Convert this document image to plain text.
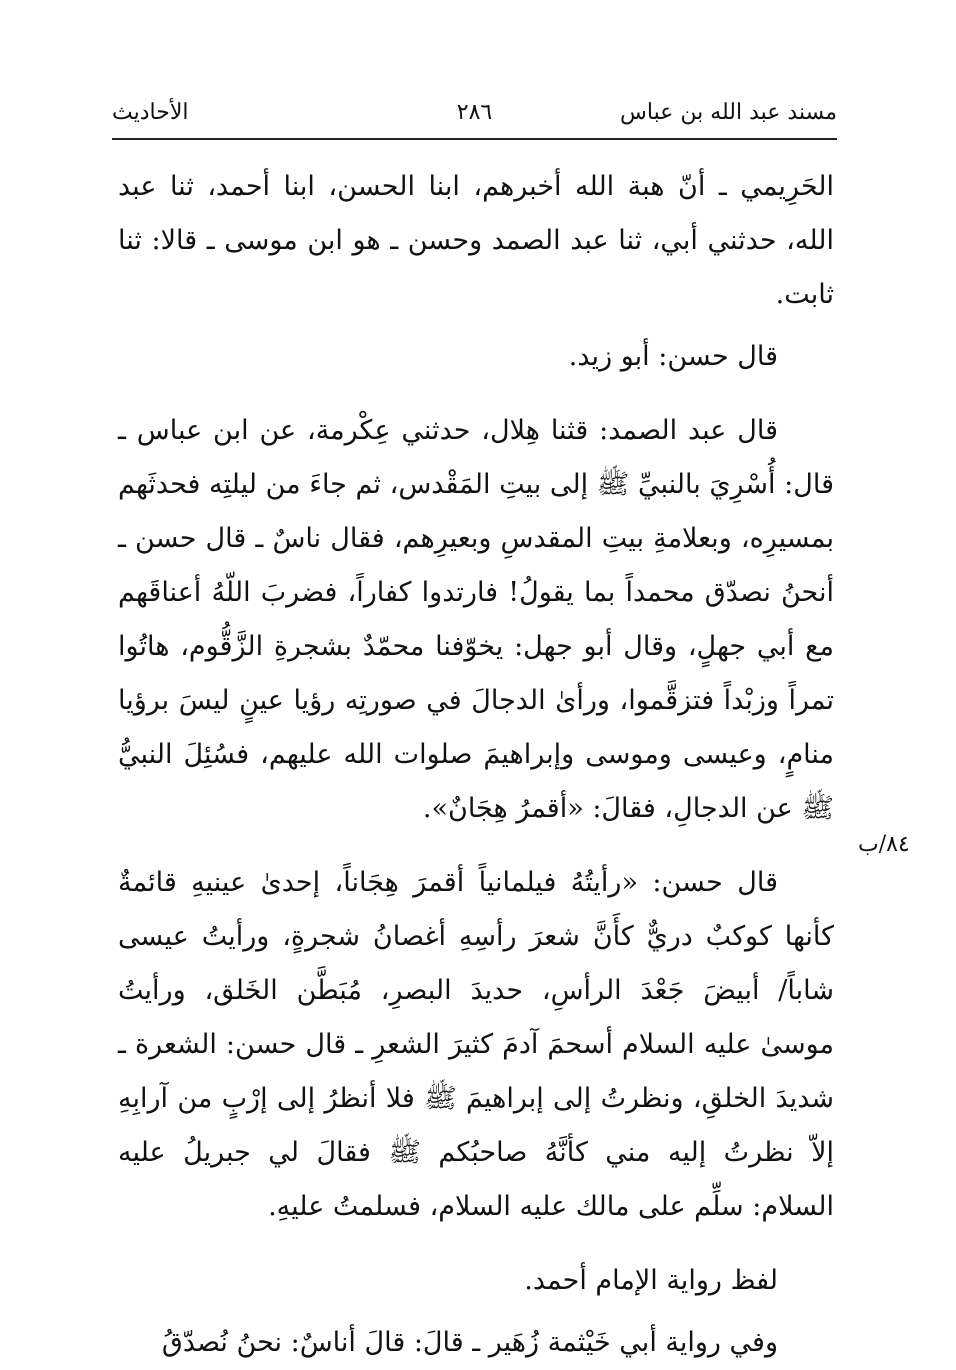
مسند عبد الله بن عباس
٢٨٦
الأحاديث
٨٤/ب

الحَرِيمي ـ أنّ هبة الله أخبرهم، ابنا الحسن، ابنا أحمد، ثنا عبد الله، حدثني أبي، ثنا عبد الصمد وحسن ـ هو ابن موسى ـ قالا: ثنا ثابت.

قال حسن: أبو زيد.

قال عبد الصمد: قثنا هِلال، حدثني عِكْرمة، عن ابن عباس ـ قال: أُسْرِيَ بالنبيِّ ﷺ إلى بيتِ المَقْدس، ثم جاءَ من ليلتِه فحدثَهم بمسيرِه، وبعلامةِ بيتِ المقدسِ وبعيرِهم، فقال ناسٌ ـ قال حسن ـ أنحنُ نصدّق محمداً بما يقولُ! فارتدوا كفاراً، فضربَ اللّهُ أعناقَهم مع أبي جهلٍ، وقال أبو جهل: يخوّفنا محمّدٌ بشجرةِ الزَّقُّوم، هاتُوا تمراً وزبْداً فتزقَّموا، ورأىٰ الدجالَ في صورتِه رؤيا عينٍ ليسَ برؤيا منامٍ، وعيسى وموسى وإبراهيمَ صلوات الله عليهم، فسُئِلَ النبيُّ ﷺ عن الدجالِ، فقالَ: «أقمرُ هِجَانٌ».

قال حسن: «رأيتُهُ فيلمانياً أقمرَ هِجَاناً، إحدىٰ عينيهِ قائمةٌ كأنها كوكبٌ دريٌّ كأَنَّ شعرَ رأسِهِ أغصانُ شجرةٍ، ورأيتُ عيسى شاباً/ أبيضَ جَعْدَ الرأسِ، حديدَ البصرِ، مُبَطَّن الخَلق، ورأيتُ موسىٰ عليه السلام أسحمَ آدمَ كثيرَ الشعرِ ـ قال حسن: الشعرة ـ شديدَ الخلقِ، ونظرتُ إلى إبراهيمَ ﷺ فلا أنظرُ إلى إرْبٍ من آرابِهِ إلاّ نظرتُ إليه مني كأنَّهُ صاحبُكم ﷺ فقالَ لي جبريلُ عليه السلام: سلِّم على مالك عليه السلام، فسلمتُ عليهِ.

لفظ رواية الإمام أحمد.

وفي رواية أبي خَيْثمة زُهَير ـ قالَ: قالَ أناسٌ: نحنُ نُصدّقُ
